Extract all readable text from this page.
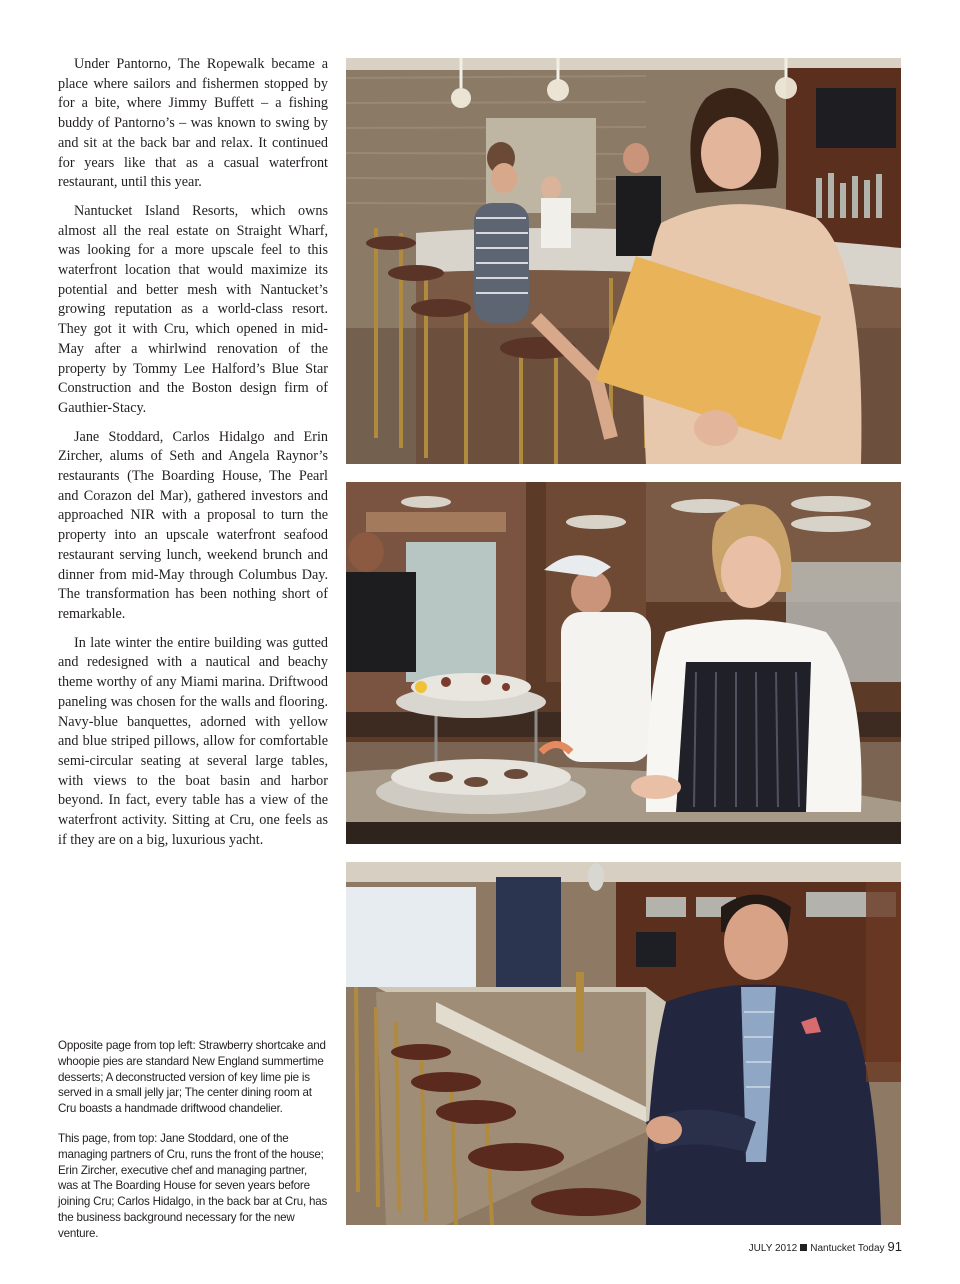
Under Pantorno, The Ropewalk became a place where sailors and fishermen stopped by for a bite, where Jimmy Buffett – a fishing buddy of Pantorno’s – was known to swing by and sit at the back bar and relax. It continued for years like that as a casual waterfront restaurant, until this year.

Nantucket Island Resorts, which owns almost all the real estate on Straight Wharf, was looking for a more upscale feel to this waterfront location that would maximize its potential and better mesh with Nantucket’s growing reputation as a world-class resort. They got it with Cru, which opened in mid-May after a whirlwind renovation of the property by Tommy Lee Halford’s Blue Star Construction and the Boston design firm of Gauthier-Stacy.

Jane Stoddard, Carlos Hidalgo and Erin Zircher, alums of Seth and Angela Raynor’s restaurants (The Boarding House, The Pearl and Corazon del Mar), gathered investors and approached NIR with a proposal to turn the property into an upscale waterfront seafood restaurant serving lunch, weekend brunch and dinner from mid-May through Columbus Day. The transformation has been nothing short of remarkable.

In late winter the entire building was gutted and redesigned with a nautical and beachy theme worthy of any Miami marina. Driftwood paneling was chosen for the walls and flooring. Navy-blue banquettes, adorned with yellow and blue striped pillows, allow for comfortable semi-circular seating at several large tables, with views to the boat basin and harbor beyond. In fact, every table has a view of the waterfront activity. Sitting at Cru, one feels as if they are on a big, luxurious yacht.

Opposite page from top left: Strawberry shortcake and whoopie pies are standard New England summertime desserts; A deconstructed version of key lime pie is served in a small jelly jar; The center dining room at Cru boasts a handmade driftwood chandelier.

This page, from top: Jane Stoddard, one of the managing partners of Cru, runs the front of the house; Erin Zircher, executive chef and managing partner, was at The Boarding House for seven years before joining Cru; Carlos Hidalgo, in the back bar at Cru, has the business background necessary for the new venture.

JULY 2012 Nantucket Today 91
